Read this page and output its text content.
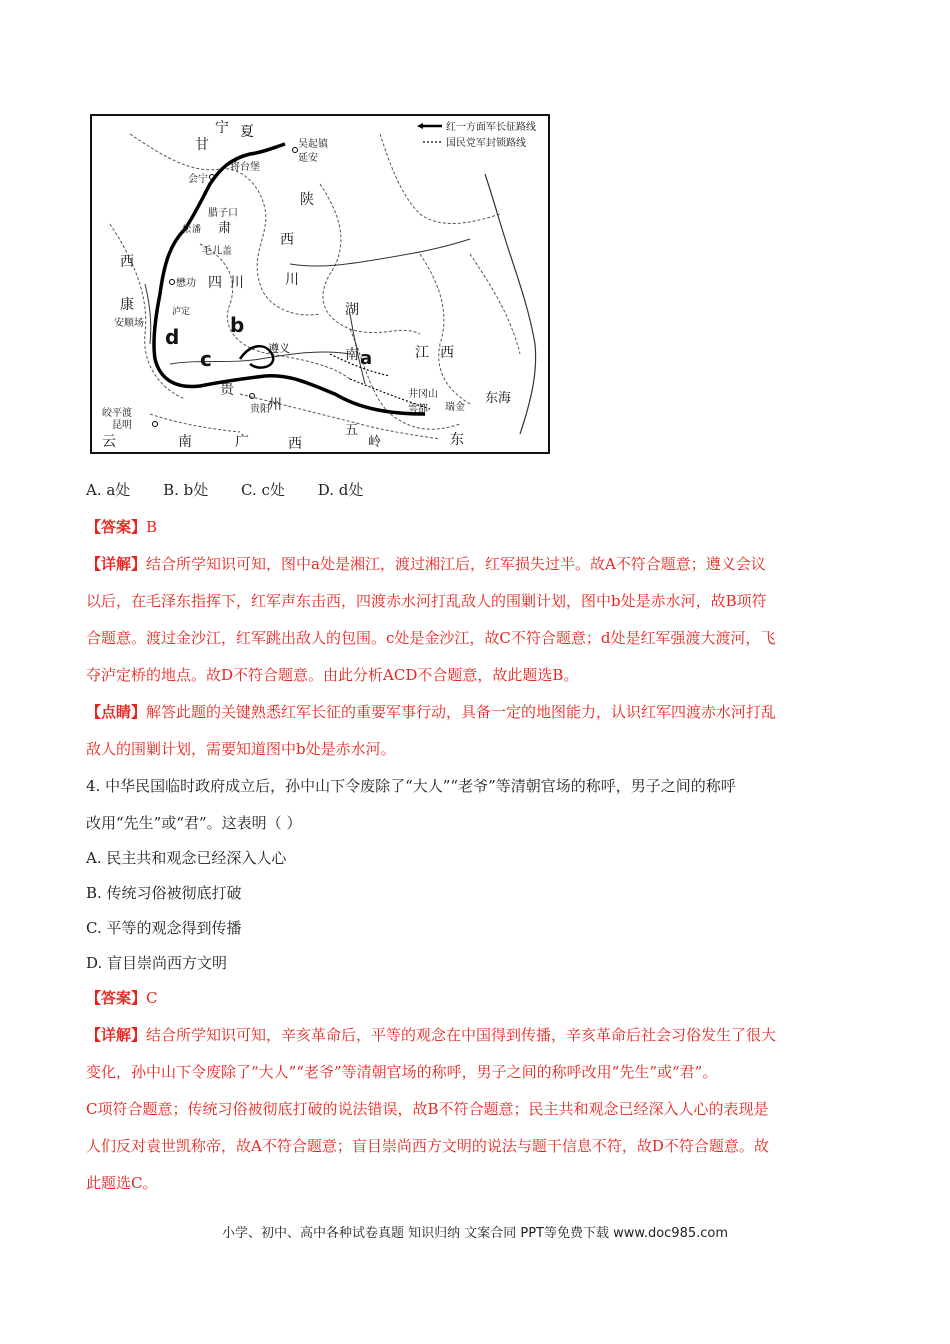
红一方面军长征路线
国民党军封锁路线
宁 夏
甘	吴起镇
延安
会宁
将台堡
腊子口
陕
松 潘 肃
毛儿盖
西
川
西
康
懋功 四 川
安顺场
泸定	湖
南	江 西
遵义
贵
州
贵阳
井冈山
瑞金
雩都
皎平渡
昆明
云	南	广	西
五
岭	东
东海
b
a
c
d
A. a处 B. b处 C. c处 D. d处
【答案】B
【详解】结合所学知识可知，图中a处是湘江，渡过湘江后，红军损失过半。故A不符合题意；遵义会议
以后，在毛泽东指挥下，红军声东击西，四渡赤水河打乱敌人的围剿计划，图中b处是赤水河，故B项符
合题意。渡过金沙江，红军跳出敌人的包围。c处是金沙江，故C不符合题意；d处是红军强渡大渡河，飞
夺泸定桥的地点。故D不符合题意。由此分析ACD不合题意，故此题选B。
【点睛】解答此题的关键熟悉红军长征的重要军事行动，具备一定的地图能力，认识红军四渡赤水河打乱
敌人的围剿计划，需要知道图中b处是赤水河。
4. 中华民国临时政府成立后，孙中山下令废除了“大人”“老爷”等清朝官场的称呼，男子之间的称呼
改用“先生”或“君”。这表明（ ）
A. 民主共和观念已经深入人心
B. 传统习俗被彻底打破
C. 平等的观念得到传播
D. 盲目崇尚西方文明
【答案】C
【详解】结合所学知识可知，辛亥革命后，平等的观念在中国得到传播，辛亥革命后社会习俗发生了很大
变化，孙中山下令废除了“大人”“老爷”等清朝官场的称呼，男子之间的称呼改用“先生”或“君”。
C项符合题意；传统习俗被彻底打破的说法错误，故B不符合题意；民主共和观念已经深入人心的表现是
人们反对袁世凯称帝，故A不符合题意；盲目崇尚西方文明的说法与题干信息不符，故D不符合题意。故
此题选C。
小学、初中、高中各种试卷真题 知识归纳 文案合同 PPT等免费下载 www.doc985.com
